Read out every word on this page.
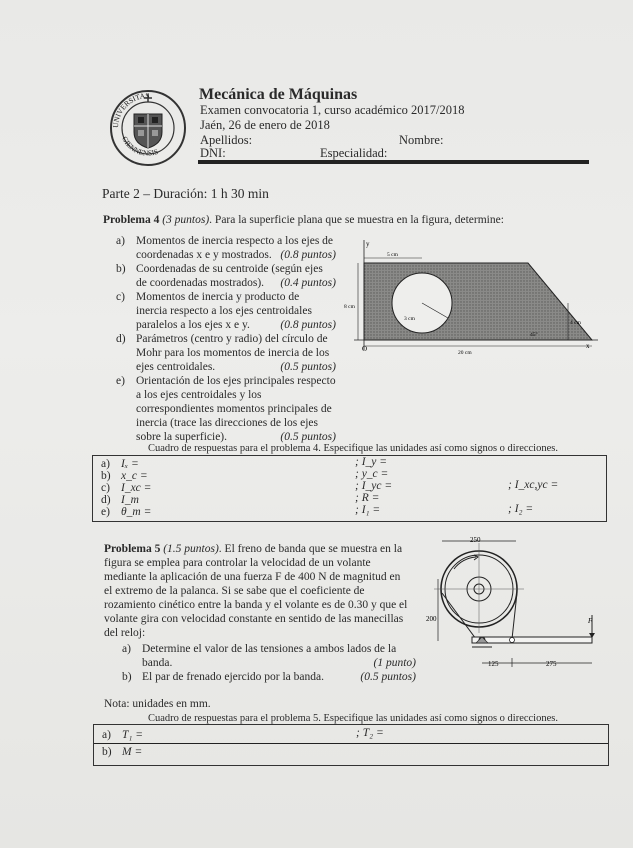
UNIVERSITAS
GIENNENSIS
Mecánica de Máquinas
Examen convocatoria 1, curso académico 2017/2018
Jaén, 26 de enero de 2018
Apellidos:	Nombre:
DNI:	Especialidad:
Parte 2 – Duración: 1 h 30 min
Problema 4 (3 puntos). Para la superficie plana que se muestra en la figura, determine:
a) Momentos de inercia respecto a los ejes de
coordenadas x e y mostrados. (0.8 puntos)
b) Coordenadas de su centroide (según ejes
de coordenadas mostrados). (0.4 puntos)
c) Momentos de inercia y producto de
inercia respecto a los ejes centroidales
paralelos a los ejes x e y.	(0.8 puntos)
d) Parámetros (centro y radio) del círculo de
Mohr para los momentos de inercia de los
ejes centroidales.	(0.5 puntos)
e) Orientación de los ejes principales respecto
a los ejes centroidales y los
correspondientes momentos principales de
inercia (trace las direcciones de los ejes
sobre la superficie).	(0.5 puntos)
y
x
O
5 cm
8 cm
3 cm
4 cm
20 cm
45°
Cuadro de respuestas para el problema 4. Especifique las unidades así como signos o direcciones.
a) Iₓ =	; I_y =
b) x_c =	; y_c =
c) I_xc =	; I_yc =	; I_xc,yc =
d) I_m	; R =
e) θ_m =	; I₁ =	; I₂ =
Problema 5 (1.5 puntos). El freno de banda que se muestra en la
figura se emplea para controlar la velocidad de un volante
mediante la aplicación de una fuerza F de 400 N de magnitud en
el extremo de la palanca. Si se sabe que el coeficiente de
rozamiento cinético entre la banda y el volante es de 0.30 y que el
volante gira con velocidad constante en sentido de las manecillas
del reloj:
a) Determine el valor de las tensiones a ambos lados de la
banda.	(1 punto)
b) El par de frenado ejercido por la banda.	(0.5 puntos)
Nota: unidades en mm.
250
200	F
125	275
Cuadro de respuestas para el problema 5. Especifique las unidades así como signos o direcciones.
a) T₁ =	; T₂ =
b) M =
